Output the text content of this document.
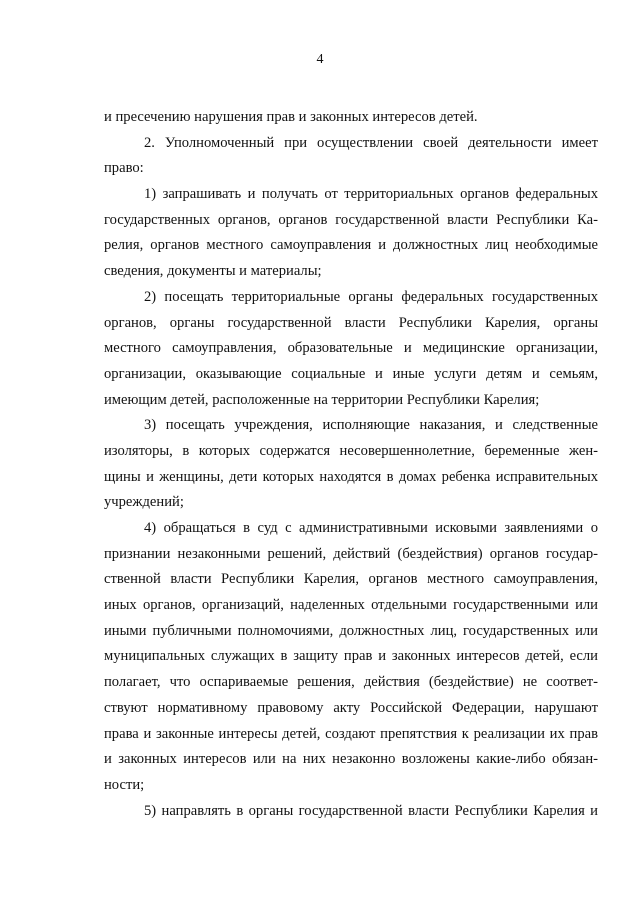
4
и пресечению нарушения прав и законных интересов детей.
2. Уполномоченный при осуществлении своей деятельности имеет
право:
1) запрашивать и получать от территориальных органов федеральных
государственных органов, органов государственной власти Республики Ка-
релия, органов местного самоуправления и должностных лиц необходимые
сведения, документы и материалы;
2) посещать территориальные органы федеральных государственных
органов, органы государственной власти Республики Карелия, органы
местного самоуправления, образовательные и медицинские организации,
организации, оказывающие социальные и иные услуги детям и семьям,
имеющим детей, расположенные на территории Республики Карелия;
3) посещать учреждения, исполняющие наказания, и следственные
изоляторы, в которых содержатся несовершеннолетние, беременные жен-
щины и женщины, дети которых находятся в домах ребенка исправительных
учреждений;
4) обращаться в суд с административными исковыми заявлениями о
признании незаконными решений, действий (бездействия) органов государ-
ственной власти Республики Карелия, органов местного самоуправления,
иных органов, организаций, наделенных отдельными государственными или
иными публичными полномочиями, должностных лиц, государственных или
муниципальных служащих в защиту прав и законных интересов детей, если
полагает, что оспариваемые решения, действия (бездействие) не соответ-
ствуют нормативному правовому акту Российской Федерации, нарушают
права и законные интересы детей, создают препятствия к реализации их прав
и законных интересов или на них незаконно возложены какие-либо обязан-
ности;
5) направлять в органы государственной власти Республики Карелия и
